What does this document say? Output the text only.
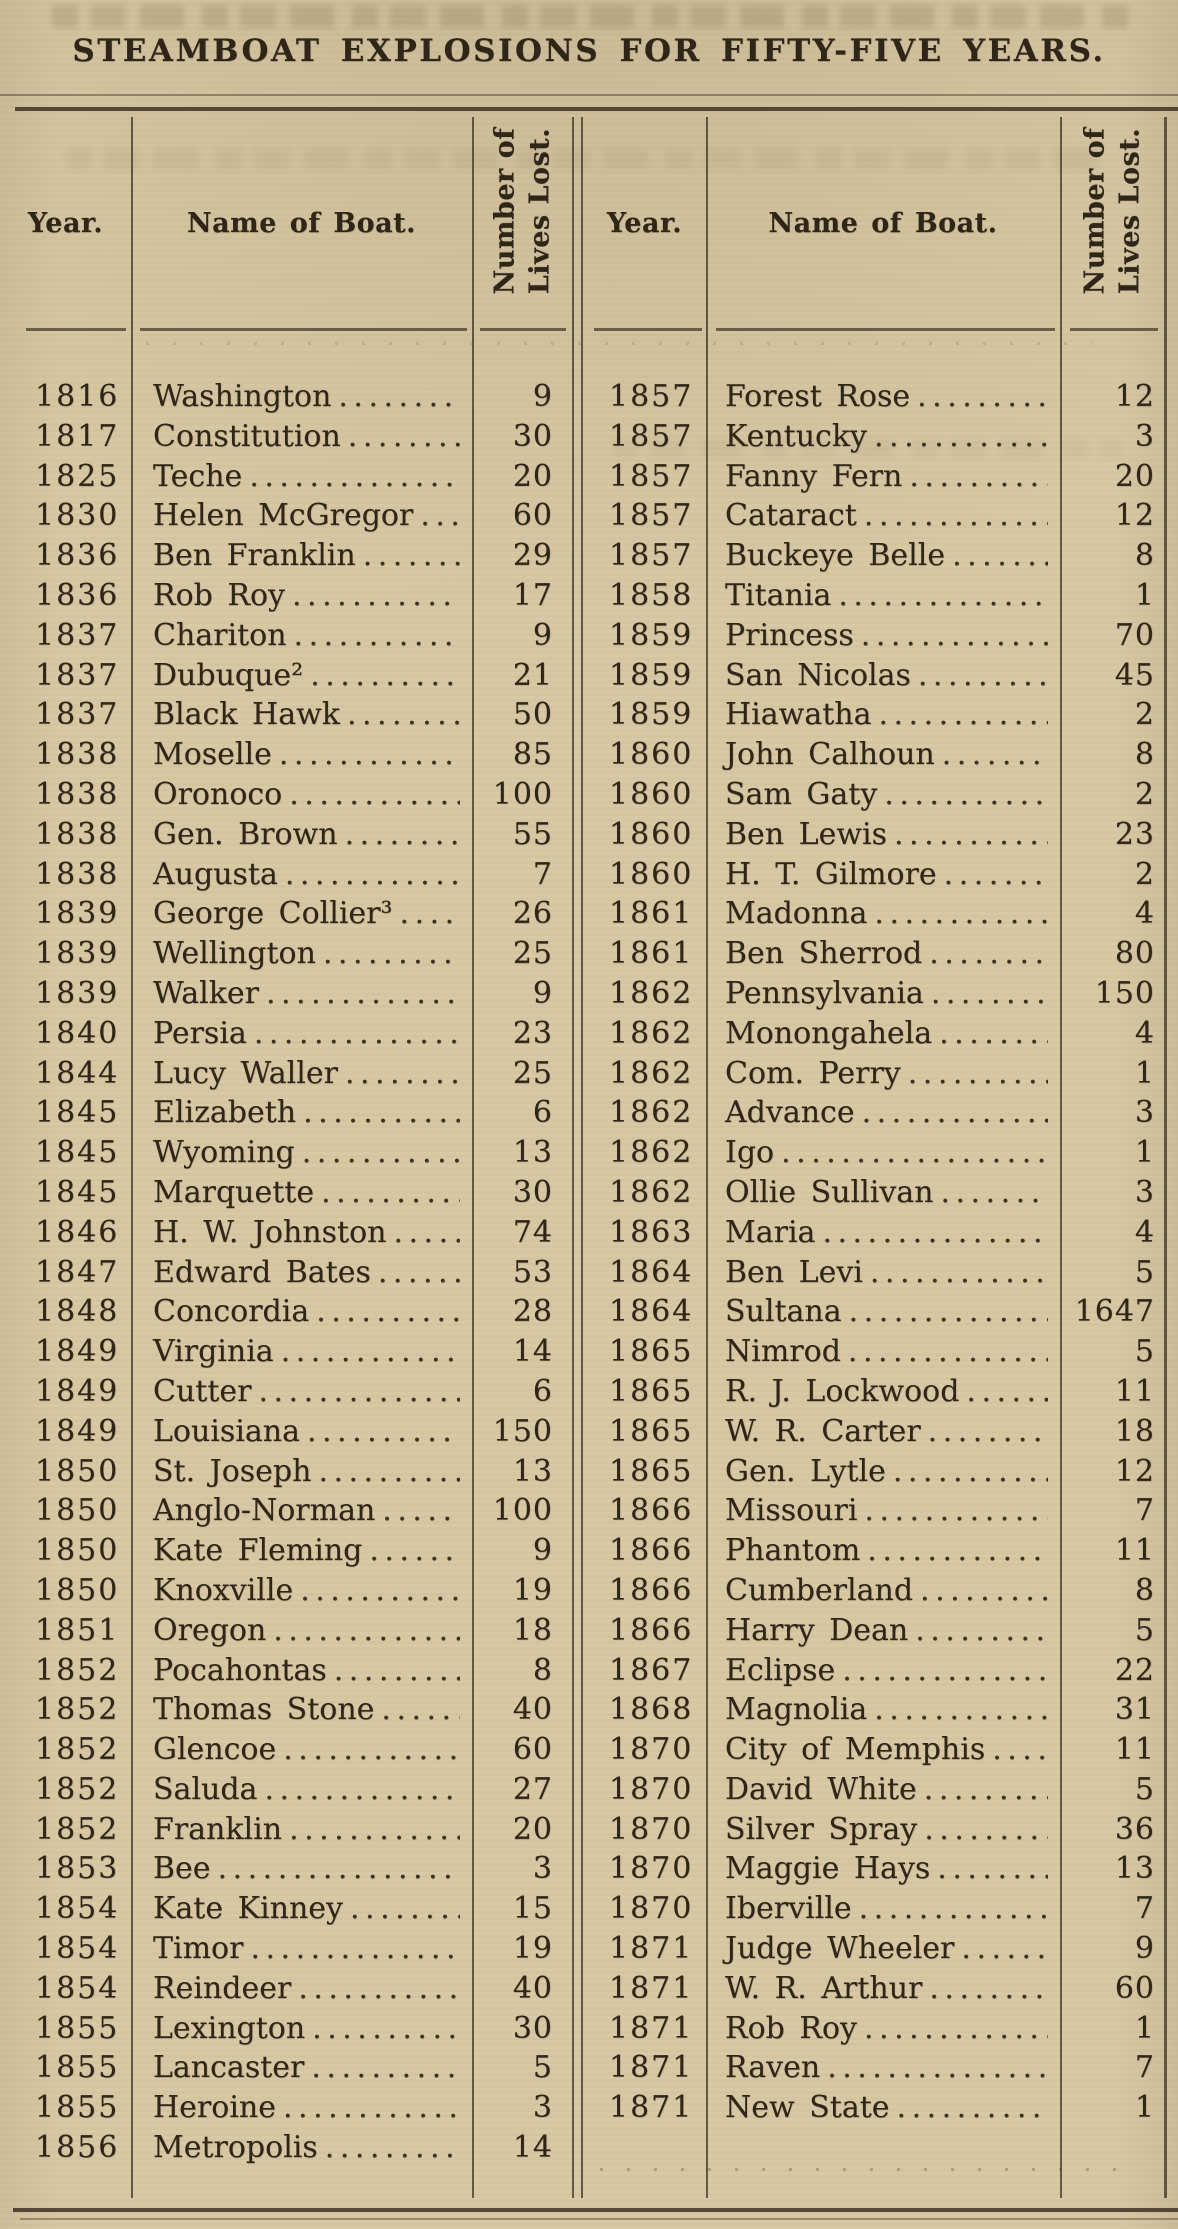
STEAMBOAT EXPLOSIONS FOR FIFTY-FIVE YEARS.
Year.	Name of Boat.	Number of Lives Lost.	Year.	Name of Boat.	Number of Lives Lost.
1816	Washington .....	9
1817	Constitution .....	30
1825	Teche .....	20
1830	Helen McGregor .....	60
1836	Ben Franklin .....	29
1836	Rob Roy .....	17
1837	Chariton .....	9
1837	Dubuque² .....	21
1837	Black Hawk .....	50
1838	Moselle .....	85
1838	Oronoco .....	100
1838	Gen. Brown .....	55
1838	Augusta .....	7
1839	George Collier³ .....	26
1839	Wellington .....	25
1839	Walker .....	9
1840	Persia .....	23
1844	Lucy Waller .....	25
1845	Elizabeth .....	6
1845	Wyoming .....	13
1845	Marquette .....	30
1846	H. W. Johnston .....	74
1847	Edward Bates .....	53
1848	Concordia .....	28
1849	Virginia .....	14
1849	Cutter .....	6
1849	Louisiana .....	150
1850	St. Joseph .....	13
1850	Anglo-Norman .....	100
1850	Kate Fleming .....	9
1850	Knoxville .....	19
1851	Oregon .....	18
1852	Pocahontas .....	8
1852	Thomas Stone .....	40
1852	Glencoe .....	60
1852	Saluda .....	27
1852	Franklin .....	20
1853	Bee .....	3
1854	Kate Kinney .....	15
1854	Timor .....	19
1854	Reindeer .....	40
1855	Lexington .....	30
1855	Lancaster .....	5
1855	Heroine .....	3
1856	Metropolis .....	14
1857	Forest Rose .....	12
1857	Kentucky .....	3
1857	Fanny Fern .....	20
1857	Cataract .....	12
1857	Buckeye Belle .....	8
1858	Titania .....	1
1859	Princess .....	70
1859	San Nicolas .....	45
1859	Hiawatha .....	2
1860	John Calhoun .....	8
1860	Sam Gaty .....	2
1860	Ben Lewis .....	23
1860	H. T. Gilmore .....	2
1861	Madonna .....	4
1861	Ben Sherrod .....	80
1862	Pennsylvania .....	150
1862	Monongahela .....	4
1862	Com. Perry .....	1
1862	Advance .....	3
1862	Igo .....	1
1862	Ollie Sullivan .....	3
1863	Maria .....	4
1864	Ben Levi .....	5
1864	Sultana .....	1647
1865	Nimrod .....	5
1865	R. J. Lockwood .....	11
1865	W. R. Carter .....	18
1865	Gen. Lytle .....	12
1866	Missouri .....	7
1866	Phantom .....	11
1866	Cumberland .....	8
1866	Harry Dean .....	5
1867	Eclipse .....	22
1868	Magnolia .....	31
1870	City of Memphis .....	11
1870	David White .....	5
1870	Silver Spray .....	36
1870	Maggie Hays .....	13
1870	Iberville .....	7
1871	Judge Wheeler .....	9
1871	W. R. Arthur .....	60
1871	Rob Roy .....	1
1871	Raven .....	7
1871	New State .....	1
